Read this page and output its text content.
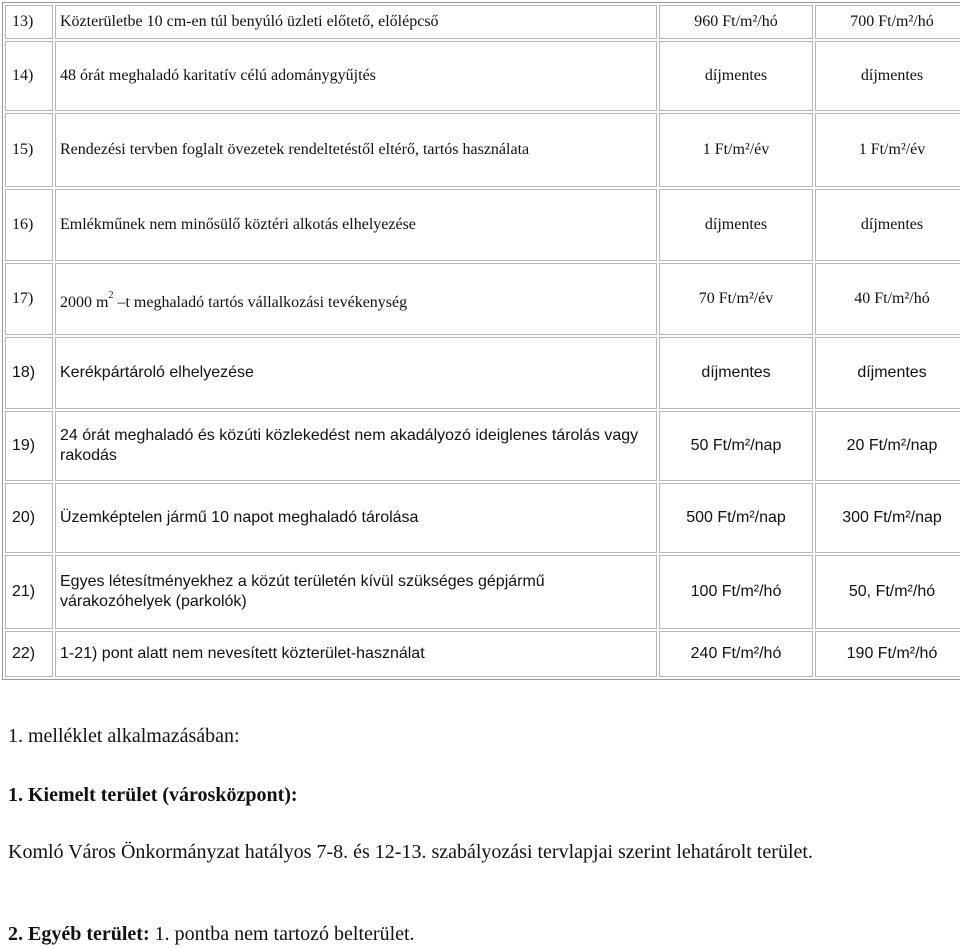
13)	Közterületbe 10 cm-en túl benyúló üzleti előtető, előlépcső	960 Ft/m²/hó	700 Ft/m²/hó
14)	48 órát meghaladó karitatív célú adománygyűjtés	díjmentes	díjmentes
15)	Rendezési tervben foglalt övezetek rendeltetéstől eltérő, tartós használata	1 Ft/m²/év	1 Ft/m²/év
16)	Emlékműnek nem minősülő köztéri alkotás elhelyezése	díjmentes	díjmentes
17)	2000 $m^2$ –t meghaladó tartós vállalkozási tevékenység	70 Ft/m²/év	40 Ft/m²/hó
18)	Kerékpártároló elhelyezése	díjmentes	díjmentes
19)	24 órát meghaladó és közúti közlekedést nem akadályozó ideiglenes tárolás vagy rakodás	50 Ft/m²/nap	20 Ft/m²/nap
20)	Üzemképtelen jármű 10 napot meghaladó tárolása	500 Ft/m²/nap	300 Ft/m²/nap
21)	Egyes létesítményekhez a közút területén kívül szükséges gépjármű várakozóhelyek (parkolók)	100 Ft/m²/hó	50, Ft/m²/hó
22)	1-21) pont alatt nem nevesített közterület-használat	240 Ft/m²/hó	190 Ft/m²/hó
1. melléklet alkalmazásában:
1. Kiemelt terület (városközpont):
Komló Város Önkormányzat hatályos 7-8. és 12-13. szabályozási tervlapjai szerint lehatárolt terület.
2. Egyéb terület: 1. pontba nem tartozó belterület.
